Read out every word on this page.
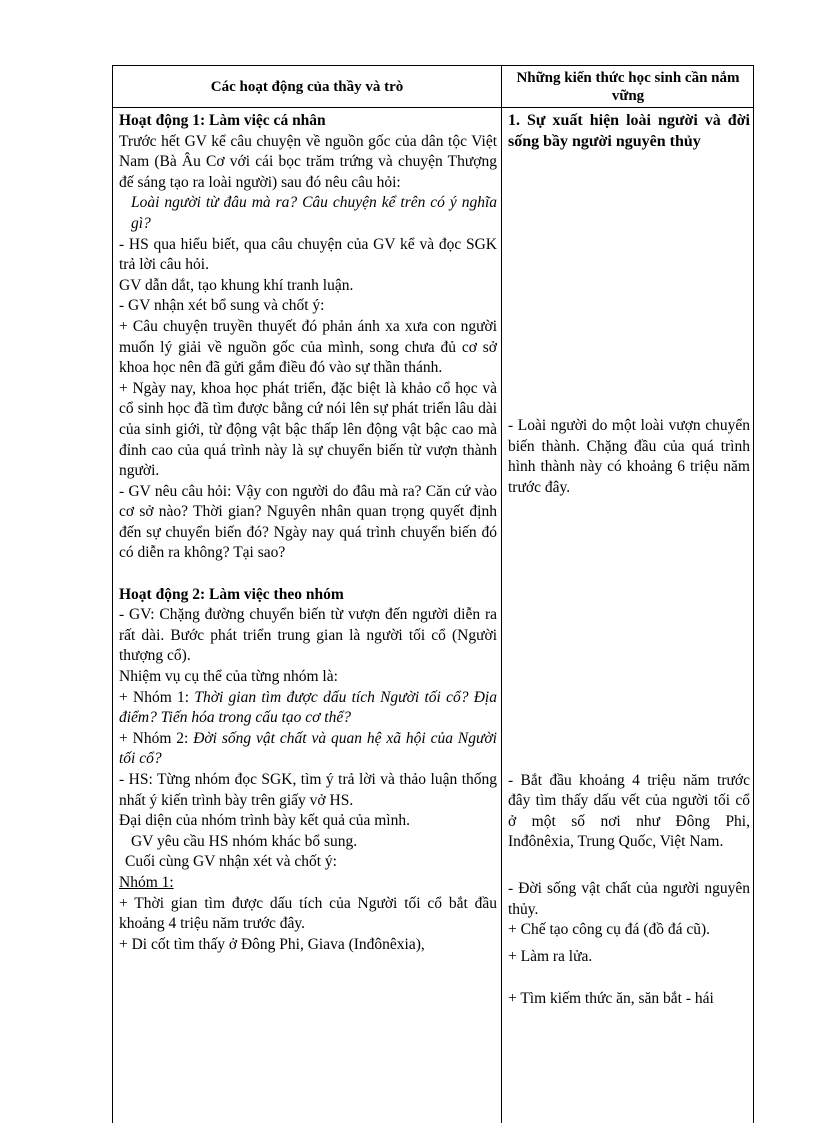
Các hoạt động của thầy và trò
Những kiến thức học sinh cần nắm vững

Hoạt động 1: Làm việc cá nhân

Trước hết GV kể câu chuyện về nguồn gốc của dân tộc Việt Nam (Bà Âu Cơ với cái bọc trăm trứng và chuyện Thượng đế sáng tạo ra loài người) sau đó nêu câu hỏi:

Loài người từ đâu mà ra? Câu chuyện kể trên có ý nghĩa gì?

- HS qua hiểu biết, qua câu chuyện của GV kể và đọc SGK trả lời câu hỏi.

GV dẫn dắt, tạo khung khí tranh luận.

- GV nhận xét bổ sung và chốt ý:

+ Câu chuyện truyền thuyết đó phản ánh xa xưa con người muốn lý giải về nguồn gốc của mình, song chưa đủ cơ sở khoa học nên đã gửi gắm điều đó vào sự thần thánh.

+ Ngày nay, khoa học phát triển, đặc biệt là khảo cổ học và cổ sinh học đã tìm được bằng cứ nói lên sự phát triển lâu dài của sinh giới, từ động vật bậc thấp lên động vật bậc cao mà đỉnh cao của quá trình này là sự chuyển biến từ vượn thành người.

- GV nêu câu hỏi: Vậy con người do đâu mà ra? Căn cứ vào cơ sở nào? Thời gian? Nguyên nhân quan trọng quyết định đến sự chuyển biến đó? Ngày nay quá trình chuyển biến đó có diễn ra không? Tại sao?

Hoạt động 2: Làm việc theo nhóm

- GV: Chặng đường chuyển biến từ vượn đến người diễn ra rất dài. Bước phát triển trung gian là người tối cổ (Người thượng cổ).

Nhiệm vụ cụ thể của từng nhóm là:

+ Nhóm 1: Thời gian tìm được dấu tích Người tối cổ? Địa điểm? Tiến hóa trong cấu tạo cơ thể?

+ Nhóm 2: Đời sống vật chất và quan hệ xã hội của Người tối cổ?

- HS: Từng nhóm đọc SGK, tìm ý trả lời và thảo luận thống nhất ý kiến trình bày trên giấy vở HS.

Đại diện của nhóm trình bày kết quả của mình.

GV yêu cầu HS nhóm khác bổ sung.

Cuối cùng GV nhận xét và chốt ý:

Nhóm 1:

+ Thời gian tìm được dấu tích của Người tối cổ bắt đầu khoảng 4 triệu năm trước đây.

+ Di cốt tìm thấy ở Đông Phi, Giava (Inđônêxia),

1. Sự xuất hiện loài người và đời sống bầy người nguyên thủy

- Loài người do một loài vượn chuyển biến thành. Chặng đầu của quá trình hình thành này có khoảng 6 triệu năm trước đây.

- Bắt đầu khoảng 4 triệu năm trước đây tìm thấy dấu vết của người tối cổ ở một số nơi như Đông Phi, Inđônêxia, Trung Quốc, Việt Nam.

- Đời sống vật chất của người nguyên thủy.

+ Chế tạo công cụ đá (đồ đá cũ).

+ Làm ra lửa.

+ Tìm kiếm thức ăn, săn bắt - hái
